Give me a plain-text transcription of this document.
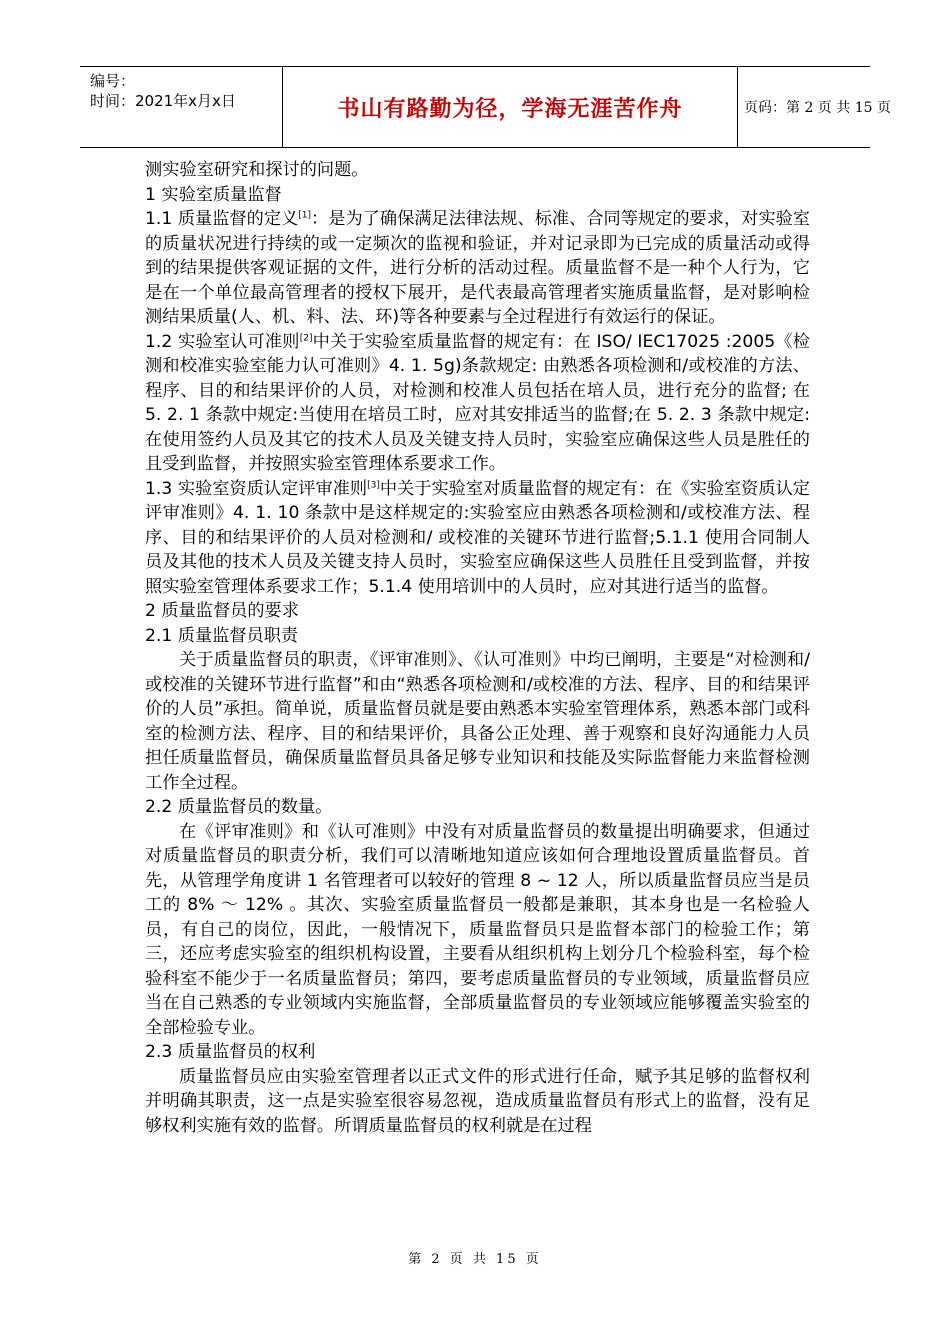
编号：
时间：2021年x月x日	书山有路勤为径，学海无涯苦作舟	页码：第 2 页 共 15 页

测实验室研究和探讨的问题。

1 实验室质量监督

1.1 质量监督的定义[1]：是为了确保满足法律法规、标准、合同等规定的要求，对实验室的质量状况进行持续的或一定频次的监视和验证，并对记录即为已完成的质量活动或得到的结果提供客观证据的文件，进行分析的活动过程。质量监督不是一种个人行为，它是在一个单位最高管理者的授权下展开，是代表最高管理者实施质量监督，是对影响检测结果质量(人、机、料、法、环)等各种要素与全过程进行有效运行的保证。

1.2 实验室认可准则[2]中关于实验室质量监督的规定有：在 ISO/ IEC17025 :2005《检测和校准实验室能力认可准则》4. 1. 5g)条款规定: 由熟悉各项检测和/或校准的方法、程序、目的和结果评价的人员，对检测和校准人员包括在培人员，进行充分的监督; 在 5. 2. 1 条款中规定:当使用在培员工时，应对其安排适当的监督;在 5. 2. 3 条款中规定:在使用签约人员及其它的技术人员及关键支持人员时，实验室应确保这些人员是胜任的且受到监督，并按照实验室管理体系要求工作。

1.3 实验室资质认定评审准则[3]中关于实验室对质量监督的规定有：在《实验室资质认定评审准则》4. 1. 10 条款中是这样规定的:实验室应由熟悉各项检测和/或校准方法、程序、目的和结果评价的人员对检测和/ 或校准的关键环节进行监督;5.1.1 使用合同制人员及其他的技术人员及关键支持人员时，实验室应确保这些人员胜任且受到监督，并按照实验室管理体系要求工作；5.1.4 使用培训中的人员时，应对其进行适当的监督。

2 质量监督员的要求

2.1 质量监督员职责

关于质量监督员的职责，《评审准则》、《认可准则》中均已阐明，主要是“对检测和/或校准的关键环节进行监督”和由“熟悉各项检测和/或校准的方法、程序、目的和结果评价的人员”承担。简单说，质量监督员就是要由熟悉本实验室管理体系，熟悉本部门或科室的检测方法、程序、目的和结果评价，具备公正处理、善于观察和良好沟通能力人员担任质量监督员，确保质量监督员具备足够专业知识和技能及实际监督能力来监督检测工作全过程。

2.2 质量监督员的数量。

在《评审准则》和《认可准则》中没有对质量监督员的数量提出明确要求，但通过对质量监督员的职责分析，我们可以清晰地知道应该如何合理地设置质量监督员。首先，从管理学角度讲 1 名管理者可以较好的管理 8 ~ 12 人，所以质量监督员应当是员工的 8% ～ 12% 。其次、实验室质量监督员一般都是兼职，其本身也是一名检验人员，有自己的岗位，因此，一般情况下，质量监督员只是监督本部门的检验工作；第三，还应考虑实验室的组织机构设置，主要看从组织机构上划分几个检验科室，每个检验科室不能少于一名质量监督员；第四，要考虑质量监督员的专业领域，质量监督员应当在自己熟悉的专业领域内实施监督，全部质量监督员的专业领域应能够覆盖实验室的全部检验专业。

2.3 质量监督员的权利

质量监督员应由实验室管理者以正式文件的形式进行任命，赋予其足够的监督权利并明确其职责，这一点是实验室很容易忽视，造成质量监督员有形式上的监督，没有足够权利实施有效的监督。所谓质量监督员的权利就是在过程

第 2 页 共 15 页
